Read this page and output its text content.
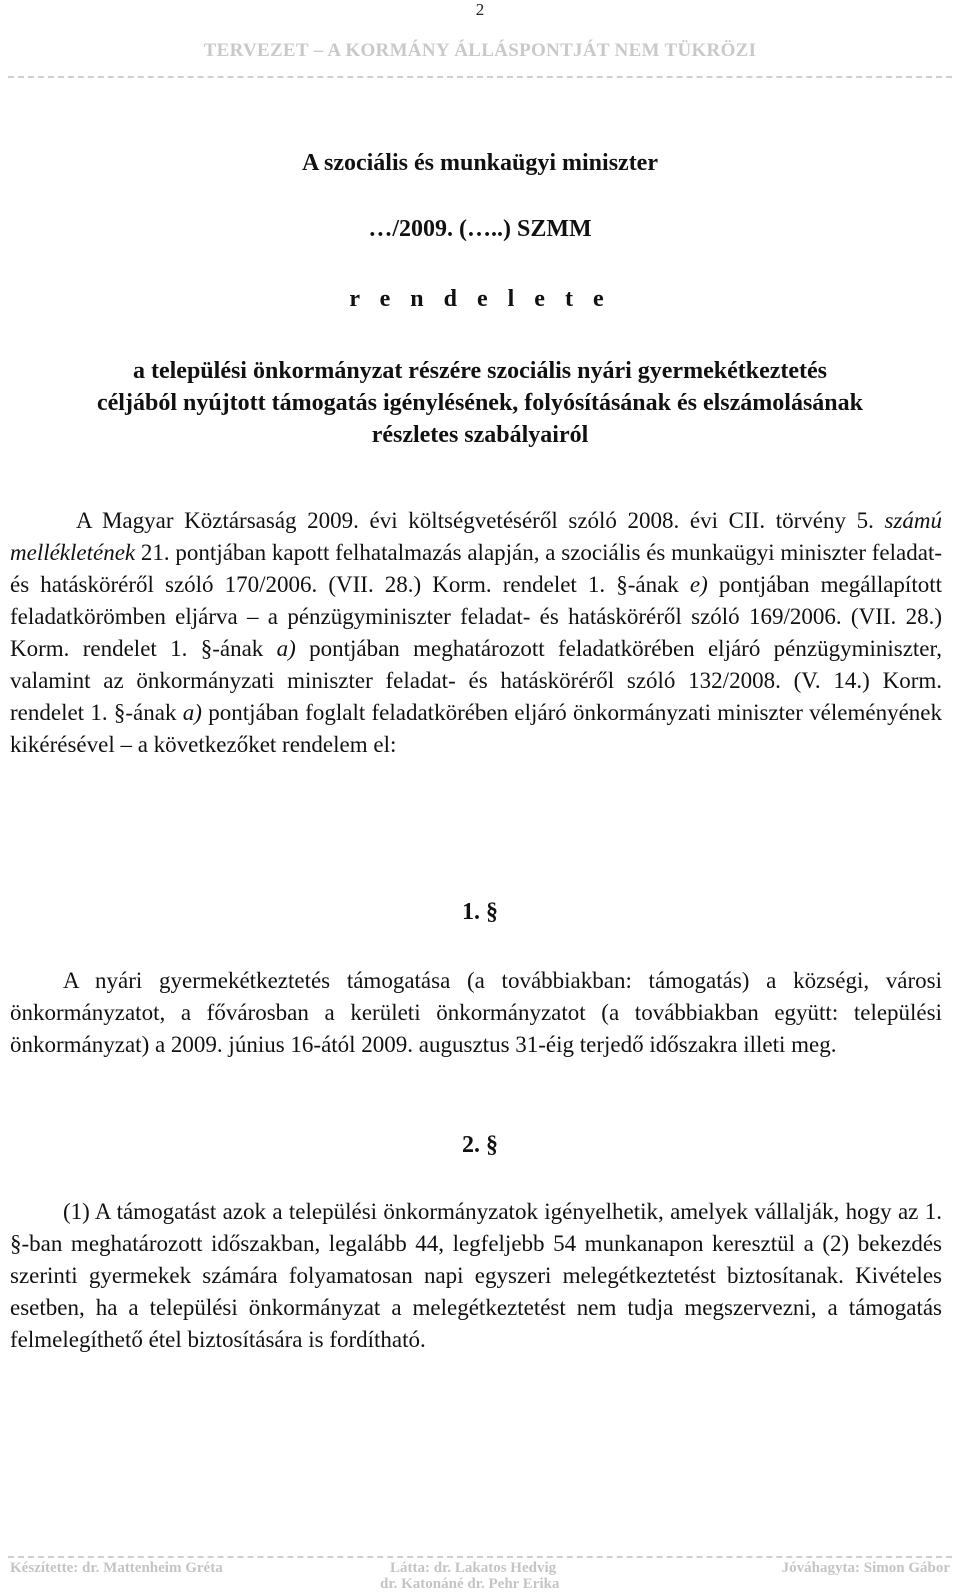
2
TERVEZET – A KORMÁNY ÁLLÁSPONTJÁT NEM TÜKRÖZI
A szociális és munkaügyi miniszter
…/2009. (…..) SZMM
r e n d e l e t e
a települési önkormányzat részére szociális nyári gyermekétkeztetés
céljából nyújtott támogatás igénylésének, folyósításának és elszámolásának
részletes szabályairól
A Magyar Köztársaság 2009. évi költségvetéséről szóló 2008. évi CII. törvény 5. számú mellékletének 21. pontjában kapott felhatalmazás alapján, a szociális és munkaügyi miniszter feladat- és hatásköréről szóló 170/2006. (VII. 28.) Korm. rendelet 1. §-ának e) pontjában megállapított feladatkörömben eljárva – a pénzügyminiszter feladat- és hatásköréről szóló 169/2006. (VII. 28.) Korm. rendelet 1. §-ának a) pontjában meghatározott feladatkörében eljáró pénzügyminiszter, valamint az önkormányzati miniszter feladat- és hatásköréről szóló 132/2008. (V. 14.) Korm. rendelet 1. §-ának a) pontjában foglalt feladatkörében eljáró önkormányzati miniszter véleményének kikérésével – a következőket rendelem el:
1. §
A nyári gyermekétkeztetés támogatása (a továbbiakban: támogatás) a községi, városi önkormányzatot, a fővárosban a kerületi önkormányzatot (a továbbiakban együtt: települési önkormányzat) a 2009. június 16-ától 2009. augusztus 31-éig terjedő időszakra illeti meg.
2. §
(1) A támogatást azok a települési önkormányzatok igényelhetik, amelyek vállalják, hogy az 1. §-ban meghatározott időszakban, legalább 44, legfeljebb 54 munkanapon keresztül a (2) bekezdés szerinti gyermekek számára folyamatosan napi egyszeri melegétkeztetést biztosítanak. Kivételes esetben, ha a települési önkormányzat a melegétkeztetést nem tudja megszervezni, a támogatás felmelegíthető étel biztosítására is fordítható.
Készítette: dr. Mattenheim Gréta	Látta: dr. Lakatos Hedvig
dr. Katonáné dr. Pehr Erika
Jóváhagyta: Simon Gábor
